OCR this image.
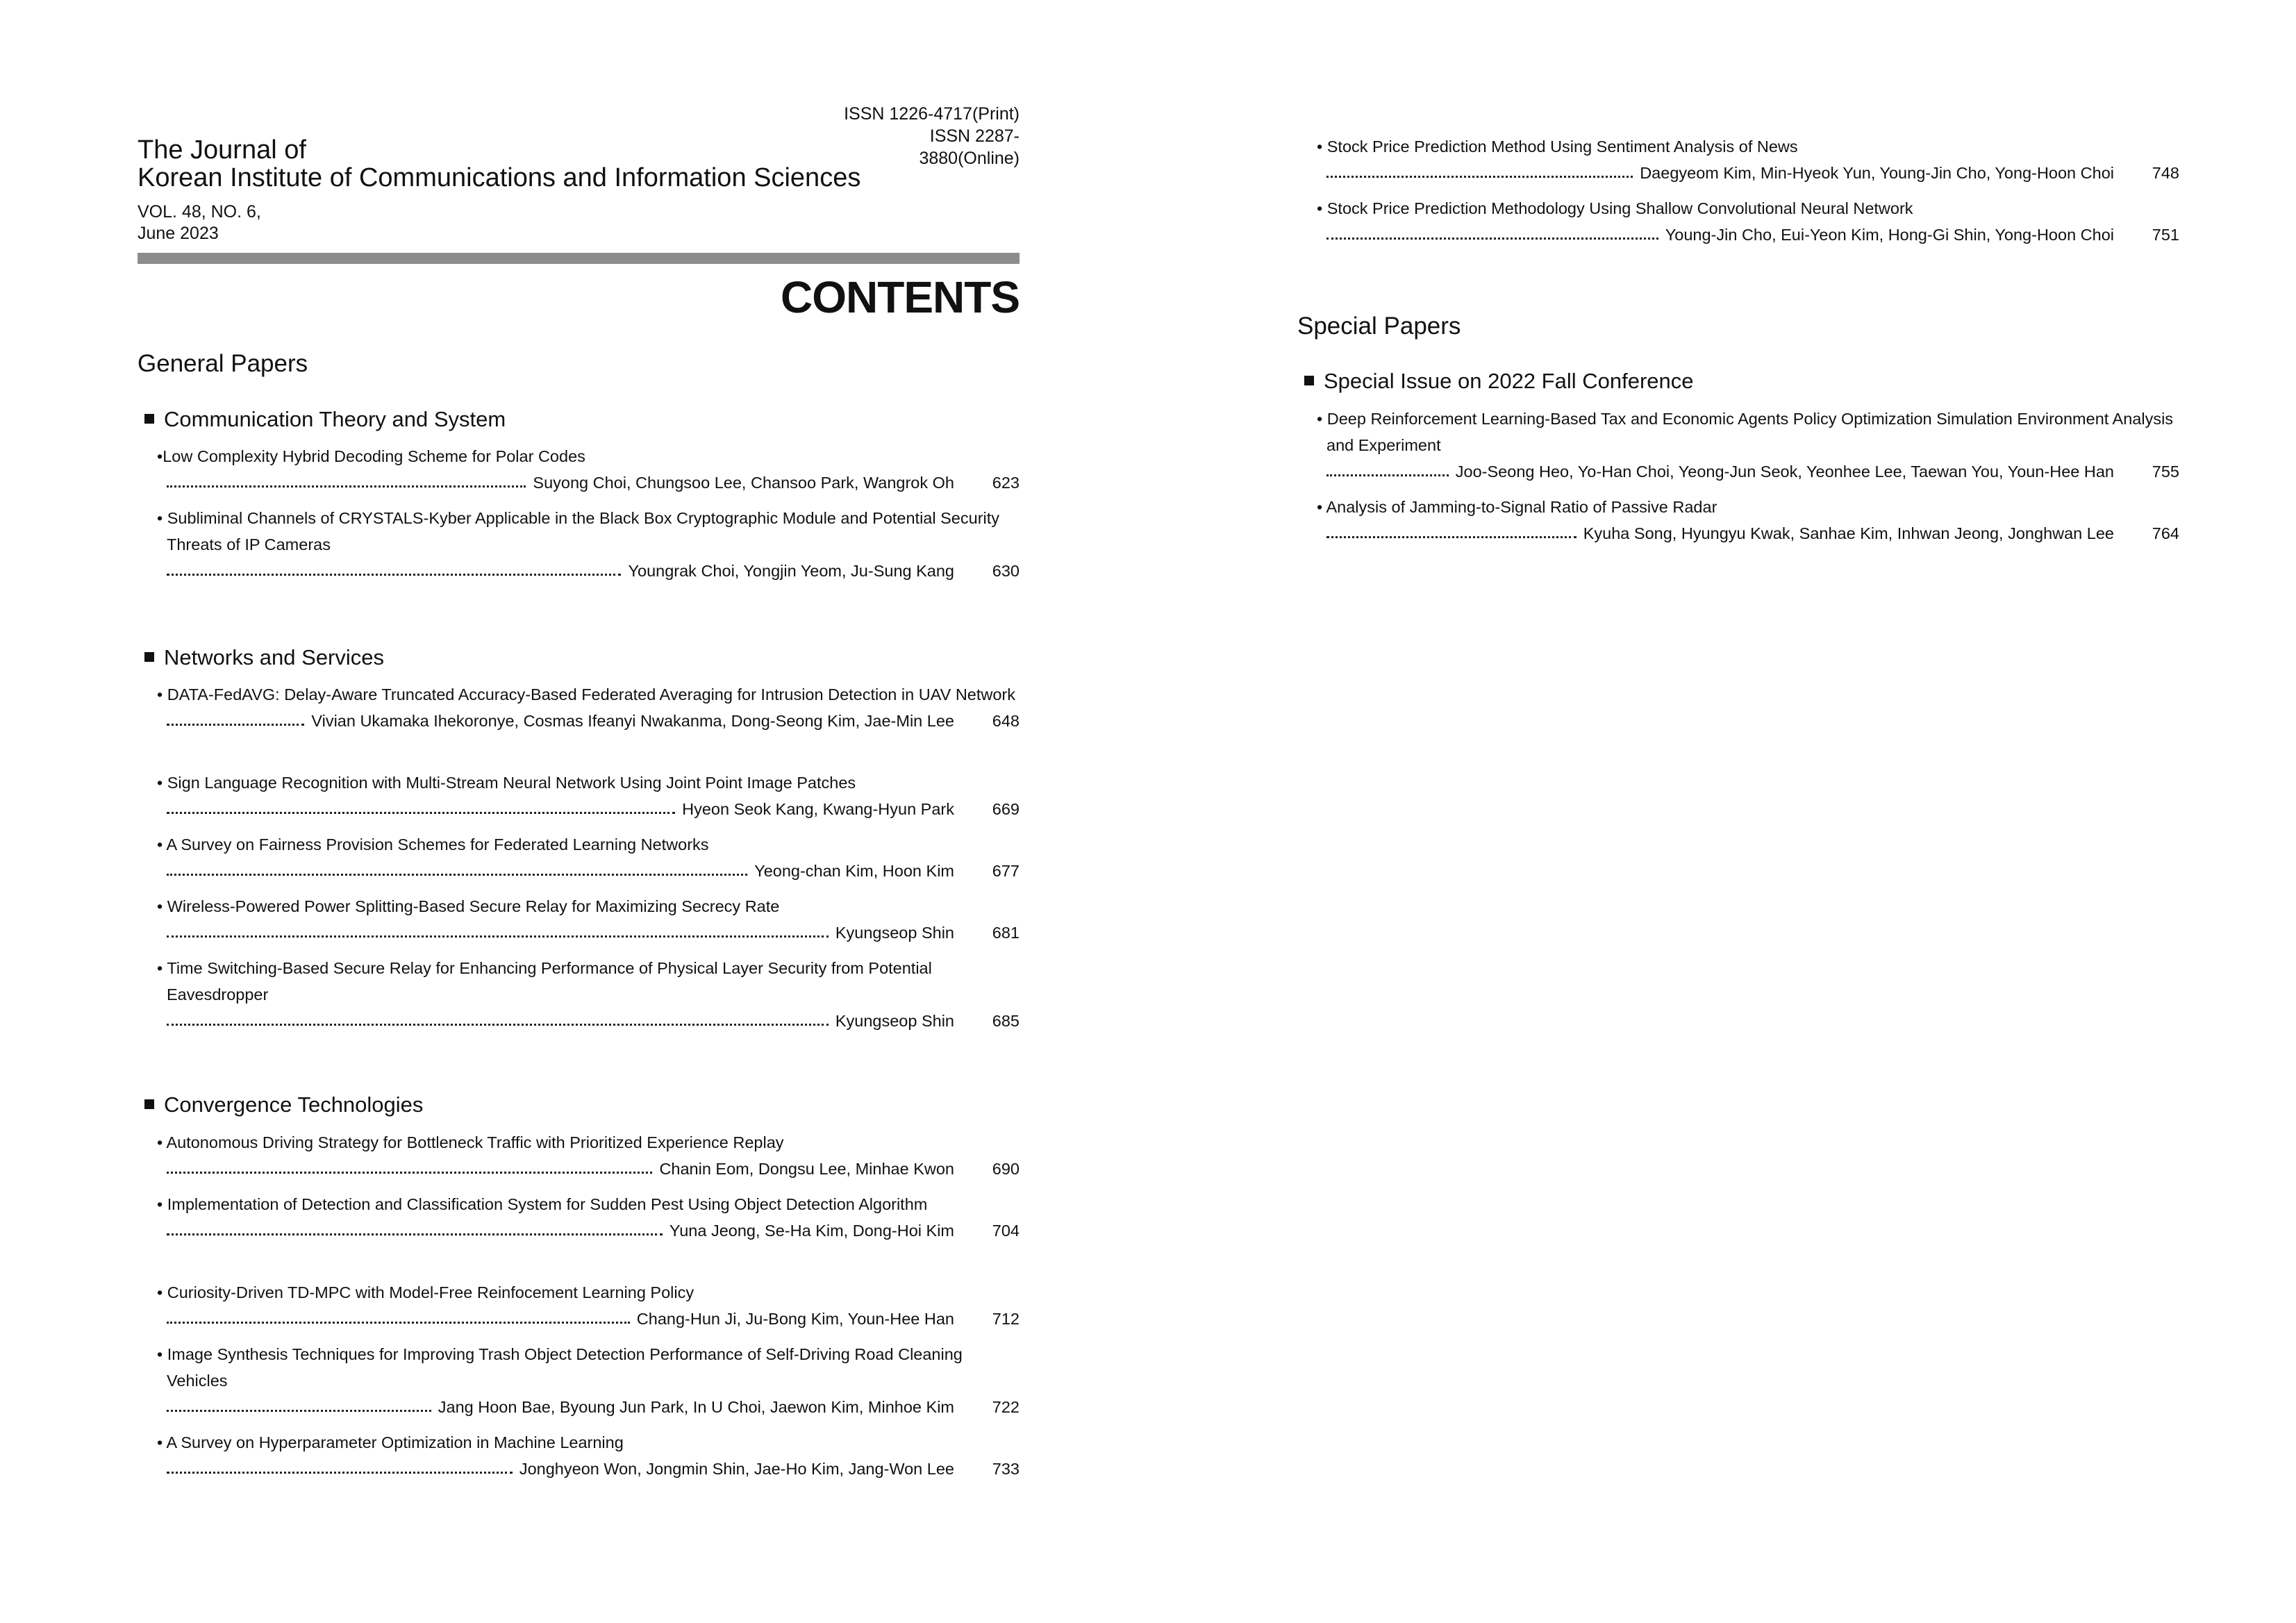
ISSN 1226-4717(Print)
ISSN 2287-3880(Online)
The Journal of
Korean Institute of Communications and Information Sciences
VOL. 48, NO. 6,
June 2023
CONTENTS
General Papers
Communication Theory and System
•Low Complexity Hybrid Decoding Scheme for Polar Codes
Suyong Choi, Chungsoo Lee, Chansoo Park, Wangrok Oh	623
• Subliminal Channels of CRYSTALS-Kyber Applicable in the Black Box Cryptographic Module and Potential Security Threats of IP Cameras
Youngrak Choi, Yongjin Yeom, Ju-Sung Kang	630
Networks and Services
• DATA-FedAVG: Delay-Aware Truncated Accuracy-Based Federated Averaging for Intrusion Detection in UAV Network
Vivian Ukamaka Ihekoronye, Cosmas Ifeanyi Nwakanma, Dong-Seong Kim, Jae-Min Lee	648
• Sign Language Recognition with Multi-Stream Neural Network Using Joint Point Image Patches
Hyeon Seok Kang, Kwang-Hyun Park	669
• A Survey on Fairness Provision Schemes for Federated Learning Networks
Yeong-chan Kim, Hoon Kim	677
• Wireless-Powered Power Splitting-Based Secure Relay for Maximizing Secrecy Rate
Kyungseop Shin	681
• Time Switching-Based Secure Relay for Enhancing Performance of Physical Layer Security from Potential Eavesdropper
Kyungseop Shin	685
Convergence Technologies
• Autonomous Driving Strategy for Bottleneck Traffic with Prioritized Experience Replay
Chanin Eom, Dongsu Lee, Minhae Kwon	690
• Implementation of Detection and Classification System for Sudden Pest Using Object Detection Algorithm
Yuna Jeong, Se-Ha Kim, Dong-Hoi Kim	704
• Curiosity-Driven TD-MPC with Model-Free Reinfocement Learning Policy
Chang-Hun Ji, Ju-Bong Kim, Youn-Hee Han	712
• Image Synthesis Techniques for Improving Trash Object Detection Performance of Self-Driving Road Cleaning Vehicles
Jang Hoon Bae, Byoung Jun Park, In U Choi, Jaewon Kim, Minhoe Kim	722
• A Survey on Hyperparameter Optimization in Machine Learning
Jonghyeon Won, Jongmin Shin, Jae-Ho Kim, Jang-Won Lee	733
• Stock Price Prediction Method Using Sentiment Analysis of News
Daegyeom Kim, Min-Hyeok Yun, Young-Jin Cho, Yong-Hoon Choi	748
• Stock Price Prediction Methodology Using Shallow Convolutional Neural Network
Young-Jin Cho, Eui-Yeon Kim, Hong-Gi Shin, Yong-Hoon Choi	751
Special Papers
Special Issue on 2022 Fall Conference
• Deep Reinforcement Learning-Based Tax and Economic Agents Policy Optimization Simulation Environment Analysis and Experiment
Joo-Seong Heo, Yo-Han Choi, Yeong-Jun Seok, Yeonhee Lee, Taewan You, Youn-Hee Han	755
• Analysis of Jamming-to-Signal Ratio of Passive Radar
Kyuha Song, Hyungyu Kwak, Sanhae Kim, Inhwan Jeong, Jonghwan Lee	764
